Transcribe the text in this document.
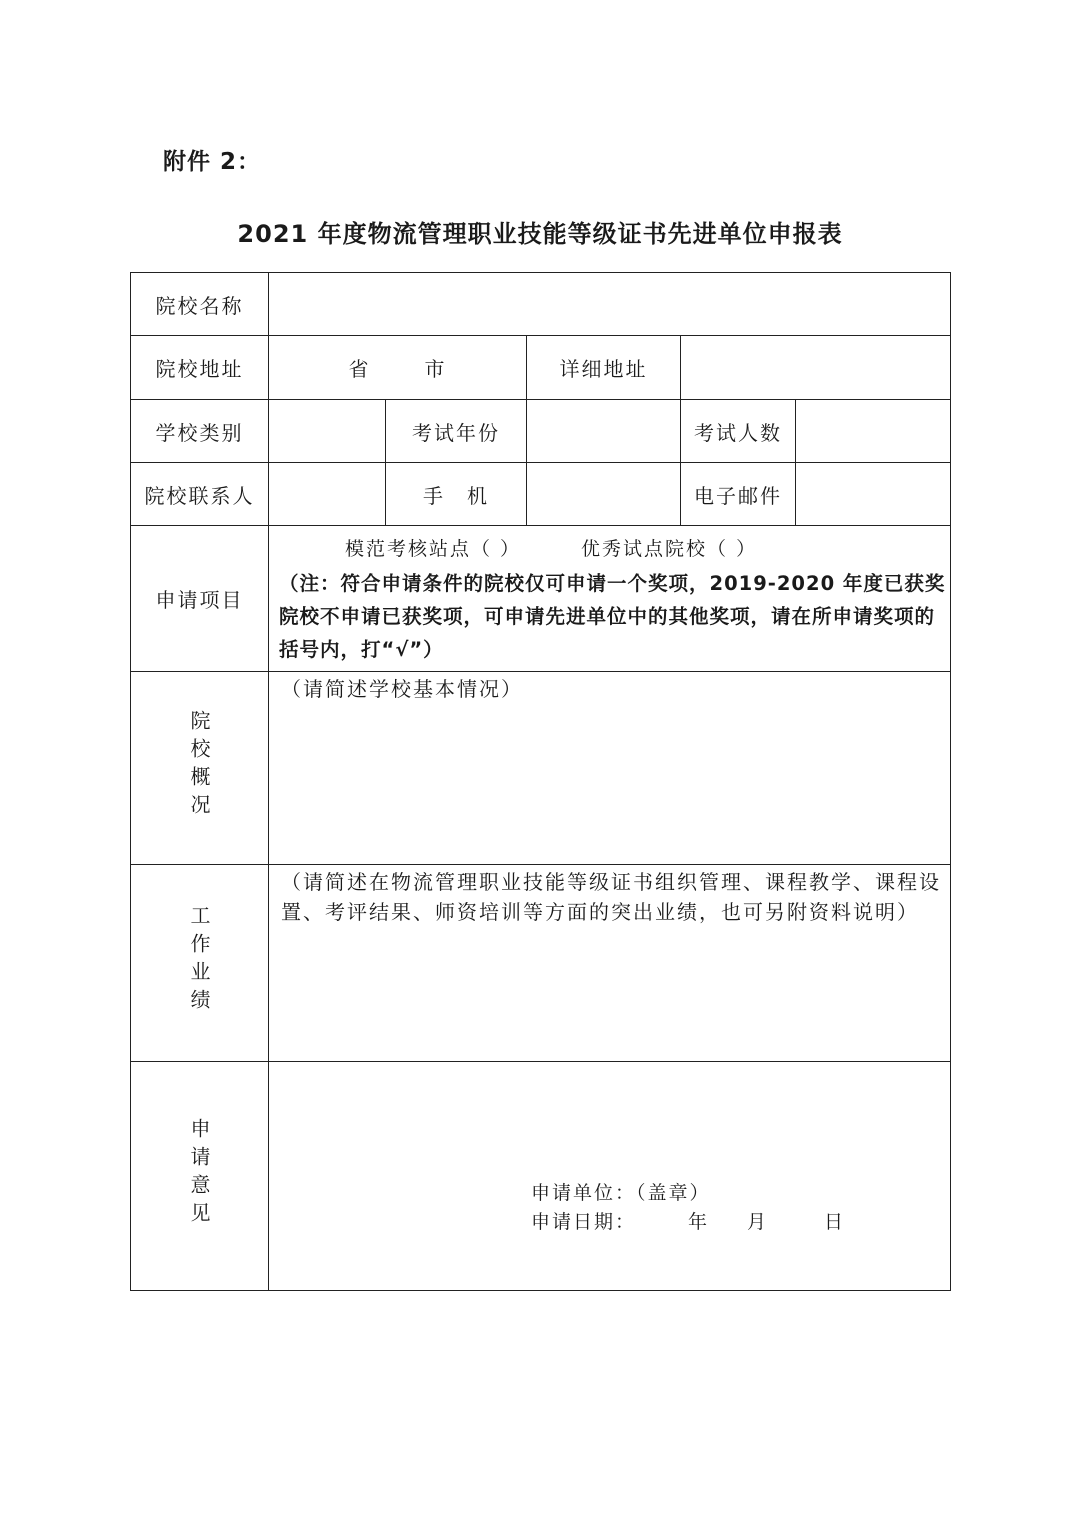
附件 2：
2021 年度物流管理职业技能等级证书先进单位申报表
院校名称					
院校地址	省 市		详细地址		
学校类别		考试年份		考试人数	
院校联系人		手　机		电子邮件	
申请项目	模范考核站点（ ） 优秀试点院校（ ）
（注：符合申请条件的院校仅可申请一个奖项，2019-2020 年度已获奖院校不申请已获奖项，可申请先进单位中的其他奖项，请在所申请奖项的括号内，打“√”）				

院校概况	（请简述学校基本情况）				
工作业绩	（请简述在物流管理职业技能等级证书组织管理、课程教学、课程设置、考评结果、师资培训等方面的突出业绩，也可另附资料说明）				
申请意见	申请单位：（盖章）
申请日期： 年 月 日				
